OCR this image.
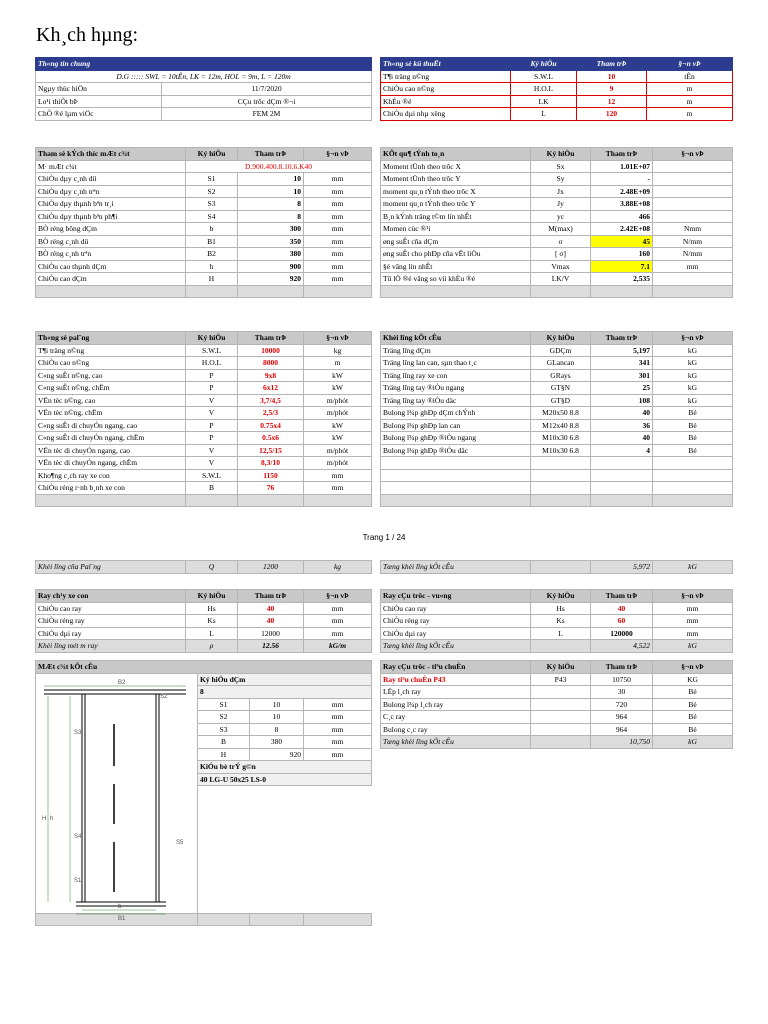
Kh¸ch hµng:
Th«ng tin chung	
D.G ::::: SWL = 10tÊn, LK = 12m, HOL = 9m, L = 120m	
Ngµy thùc hiÖn	11/7/2020
Lo¹i thiÕt bÞ	CÇu trôc dÇm ®¬i
ChÕ ®é lµm viÖc	FEM 2M
Th«ng sè kü thuËt	Ký hiÖu	Tham trÞ	§¬n vÞ
T¶i träng n©ng	S.W.L	10	tÊn
ChiÒu cao n©ng	H.O.L	9	m
KhÈu ®é	LK	12	m
ChiÒu dµi nhµ xëng	L	120	m
Tham sè kÝch thíc mÆt c¾t	Ký hiÖu	Tham trÞ	§¬n vÞ
M· mÆt c¾t	D.900.400.8.10.6.K40		
ChiÒu dµy c¸nh díi	S1	10	mm
ChiÒu dµy c¸nh trªn	S2	10	mm
ChiÒu dµy thµnh bªn tr¸i	S3	8	mm
ChiÒu dµy thµnh bªn ph¶i	S4	8	mm
BÒ réng bông dÇm	b	300	mm
BÒ réng c¸nh díi	B1	350	mm
BÒ réng c¸nh trªn	B2	380	mm
ChiÒu cao thµnh dÇm	h	900	mm
ChiÒu cao dÇm	H	920	mm

KÕt qu¶ tÝnh to¸n	Ký hiÖu	Tham trÞ	§¬n vÞ
Moment tÜnh theo trôc X	Sx	1.01E+07	
Moment tÜnh theo trôc Y	Sy	-	
moment qu¸n tÝnh theo trôc X	Jx	2.48E+09	
moment qu¸n tÝnh theo trôc Y	Jy	3.88E+08	
B¸n kÝnh träng t©m lín nhÊt	yc	466	
Momen cùc ®¹i	M(max)	2.42E+08	Nmm
øng suÊt cña dÇm	σ	45	N/mm
øng suÊt cho phÐp cña vËt liÖu	[ σ]	160	N/mm
§é vâng lín nhÊt	Vmax	7.1	mm
Tû lÖ ®é vâng so víi khÈu ®é	LK/V	2,535	

Th«ng sè pal¨ng	Ký hiÖu	Tham trÞ	§¬n vÞ
T¶i träng n©ng	S.W.L	10000	kg
ChiÒu cao n©ng	H.O.L	8000	m
C«ng suÊt n©ng, cao	P	9x8	kW
C«ng suÊt n©ng, chËm	P	6x12	kW
VËn tèc n©ng, cao	V	3,7/4,5	m/phót
VËn tèc n©ng, chËm	V	2,5/3	m/phót
C«ng suÊt di chuyÓn ngang, cao	P	0.75x4	kW
C«ng suÊt di chuyÓn ngang, chËm	P	0.5x6	kW
VËn tèc di chuyÓn ngang, cao	V	12,5/15	m/phót
VËn tèc di chuyÓn ngang, chËm	V	8,3/10	m/phót
Kho¶ng c¸ch ray xe con	S.W.L	1150	mm
ChiÒu réng r·nh b¸nh xe con	B	76	mm

Khèi lîng kÕt cÊu	Ký hiÖu	Tham trÞ	§¬n vÞ
Träng lîng dÇm	GDÇm	5,197	kG
Träng lîng lan can, sµn thao t¸c	GLancan	341	kG
Träng lîng ray xe con	GRays	301	kG
Träng lîng tay ®iÒu ngang	GT§N	25	kG
Träng lîng tay ®iÒu däc	GT§D	108	kG
Bulong l¾p ghÐp dÇm chÝnh	M20x50 8.8	40	Bé
Bulong l¾p ghÐp lan can	M12x40 8.8	36	Bé
Bulong l¾p ghÐp ®iÒu ngang	M10x30 6.8	40	Bé
Bulong l¾p ghÐp ®iÒu däc	M10x30 6.8	4	Bé

Trang 1 / 24
Khèi lîng cña Pal¨ng	Q	1200	kg	Tæng khèi lîng kÕt cÊu		5,972	kG
Ray ch¹y xe con	Ký hiÖu	Tham trÞ	§¬n vÞ
ChiÒu cao ray	Hs	40	mm
ChiÒu réng ray	Ks	40	mm
ChiÒu dµi ray	L	12000	mm
Khèi lîng mét m ray	ρ	12.56	kG/m
Ray cÇu trôc - vu«ng	Ký hiÖu	Tham trÞ	§¬n vÞ
ChiÒu cao ray	Hs	40	mm
ChiÒu réng ray	Ks	60	mm
ChiÒu dµi ray	L	120000	mm
Tæng khèi lîng kÕt cÊu		4,522	kG
MÆt c¾t kÕt cÊu			
	Ký hiÖu dÇm		
	8		
	S1	10	mm
	S2	10	mm
	S3	8	mm
	B	380	mm
	H	920	mm
	KiÓu bè trÝ g©n		
	40 LG-U 50x25 LS-0		

B2
S2
S3
S4
S5
S1
H h
b
B1
Ray cÇu trôc - tiªu chuÈn	Ký hiÖu	Tham trÞ	§¬n vÞ
Ray tiªu chuÈn P43	P43	10750	KG
LËp l¸ch ray		30	Bé
Bulong l¾p l¸ch ray		720	Bé
C¸c ray		964	Bé
Bulong c¸c ray		964	Bé
Tæng khèi lîng kÕt cÊu		10,750	kG
